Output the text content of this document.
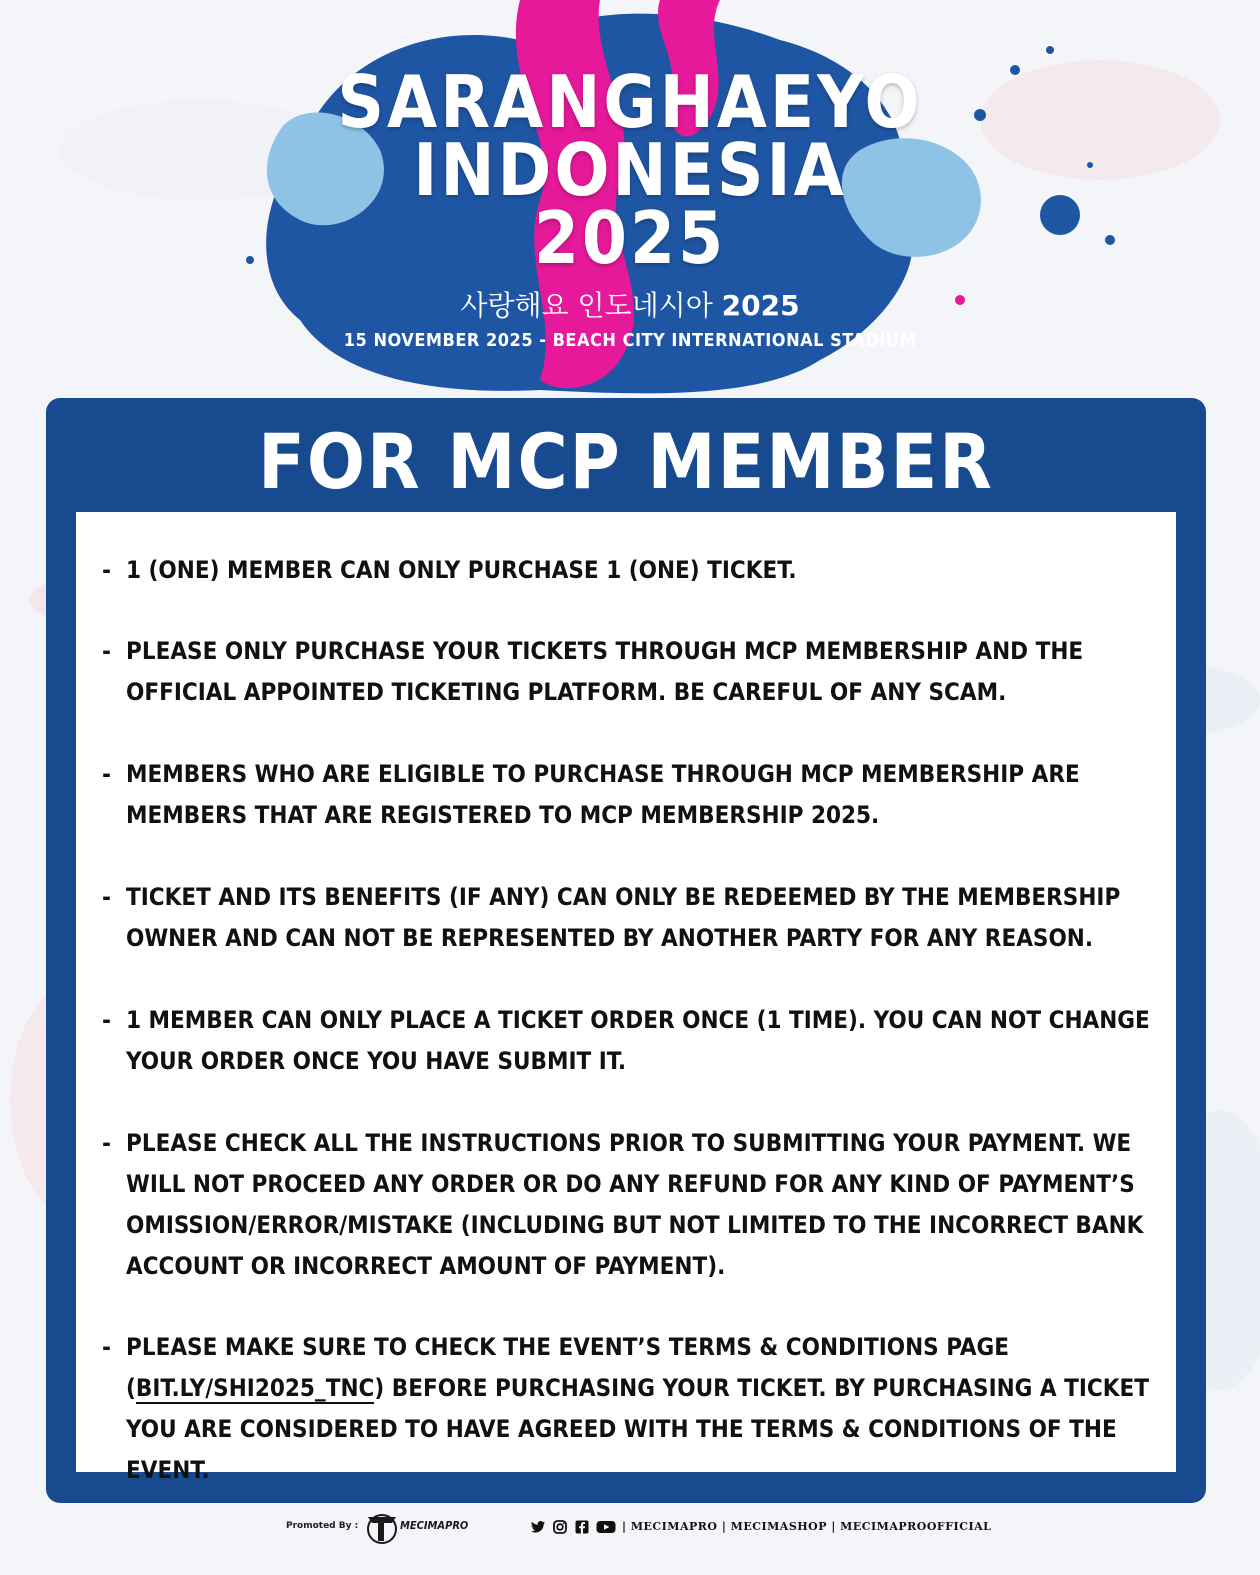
SARANGHAEYO
INDONESIA
2025
사랑해요 인도네시아 2025
15 NOVEMBER 2025 - BEACH CITY INTERNATIONAL STADIUM
FOR MCP MEMBER
- 1 (ONE) MEMBER CAN ONLY PURCHASE 1 (ONE) TICKET.
- PLEASE ONLY PURCHASE YOUR TICKETS THROUGH MCP MEMBERSHIP AND THE OFFICIAL APPOINTED TICKETING PLATFORM. BE CAREFUL OF ANY SCAM.
- MEMBERS WHO ARE ELIGIBLE TO PURCHASE THROUGH MCP MEMBERSHIP ARE MEMBERS THAT ARE REGISTERED TO MCP MEMBERSHIP 2025.
- TICKET AND ITS BENEFITS (IF ANY) CAN ONLY BE REDEEMED BY THE MEMBERSHIP OWNER AND CAN NOT BE REPRESENTED BY ANOTHER PARTY FOR ANY REASON.
- 1 MEMBER CAN ONLY PLACE A TICKET ORDER ONCE (1 TIME). YOU CAN NOT CHANGE YOUR ORDER ONCE YOU HAVE SUBMIT IT.
- PLEASE CHECK ALL THE INSTRUCTIONS PRIOR TO SUBMITTING YOUR PAYMENT. WE WILL NOT PROCEED ANY ORDER OR DO ANY REFUND FOR ANY KIND OF PAYMENT’S OMISSION/ERROR/MISTAKE (INCLUDING BUT NOT LIMITED TO THE INCORRECT BANK ACCOUNT OR INCORRECT AMOUNT OF PAYMENT).
- PLEASE MAKE SURE TO CHECK THE EVENT’S TERMS & CONDITIONS PAGE (BIT.LY/SHI2025_TNC) BEFORE PURCHASING YOUR TICKET. BY PURCHASING A TICKET YOU ARE CONSIDERED TO HAVE AGREED WITH THE TERMS & CONDITIONS OF THE EVENT.
Promoted By :	MECIMAPRO	| MECIMAPRO | MECIMASHOP | MECIMAPROOFFICIAL
